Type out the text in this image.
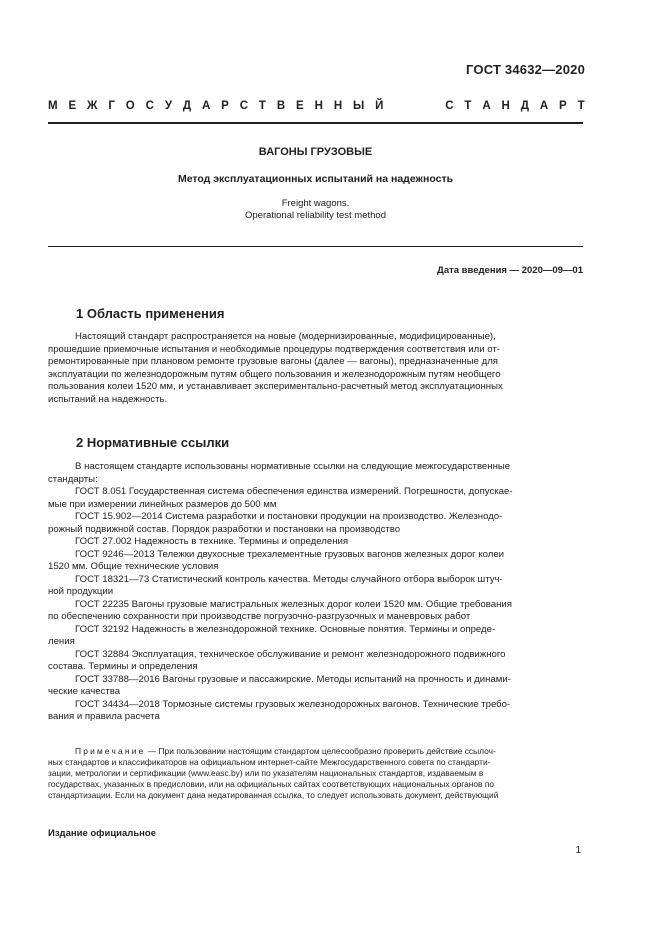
ГОСТ 34632—2020
М Е Ж Г О С У Д А Р С Т В Е Н Н Ы Й	С Т А Н Д А Р Т
ВАГОНЫ ГРУЗОВЫЕ
Метод эксплуатационных испытаний на надежность
Freight wagons.
Operational reliability test method
Дата введения — 2020—09—01
1 Область применения
Настоящий стандарт распространяется на новые (модернизированные, модифицированные),
прошедшие приемочные испытания и необходимые процедуры подтверждения соответствия или от-
ремонтированные при плановом ремонте грузовые вагоны (далее — вагоны), предназначенные для
эксплуатации по железнодорожным путям общего пользования и железнодорожным путям необщего
пользования колеи 1520 мм, и устанавливает экспериментально-расчетный метод эксплуатационных
испытаний на надежность.
2 Нормативные ссылки
В настоящем стандарте использованы нормативные ссылки на следующие межгосударственные
стандарты:
ГОСТ 8.051 Государственная система обеспечения единства измерений. Погрешности, допускае-
мые при измерении линейных размеров до 500 мм
ГОСТ 15.902—2014 Система разработки и постановки продукции на производство. Железнодо-
рожный подвижной состав. Порядок разработки и постановки на производство
ГОСТ 27.002 Надежность в технике. Термины и определения
ГОСТ 9246—2013 Тележки двухосные трехэлементные грузовых вагонов железных дорог колеи
1520 мм. Общие технические условия
ГОСТ 18321—73 Статистический контроль качества. Методы случайного отбора выборок штуч-
ной продукции
ГОСТ 22235 Вагоны грузовые магистральных железных дорог колеи 1520 мм. Общие требования
по обеспечению сохранности при производстве погрузочно-разгрузочных и маневровых работ
ГОСТ 32192 Надежность в железнодорожной технике. Основные понятия. Термины и опреде-
ления
ГОСТ 32884 Эксплуатация, техническое обслуживание и ремонт железнодорожного подвижного
состава. Термины и определения
ГОСТ 33788—2016 Вагоны грузовые и пассажирские. Методы испытаний на прочность и динами-
ческие качества
ГОСТ 34434—2018 Тормозные системы грузовых железнодорожных вагонов. Технические требо-
вания и правила расчета
Примечание — При пользовании настоящим стандартом целесообразно проверить действие ссылоч-
ных стандартов и классификаторов на официальном интернет-сайте Межгосударственного совета по стандарти-
зации, метрологии и сертификации (www.easc.by) или по указателям национальных стандартов, издаваемым в
государствах, указанных в предисловии, или на официальных сайтах соответствующих национальных органов по
стандартизации. Если на документ дана недатированная ссылка, то следует использовать документ, действующий
Издание официальное
1
